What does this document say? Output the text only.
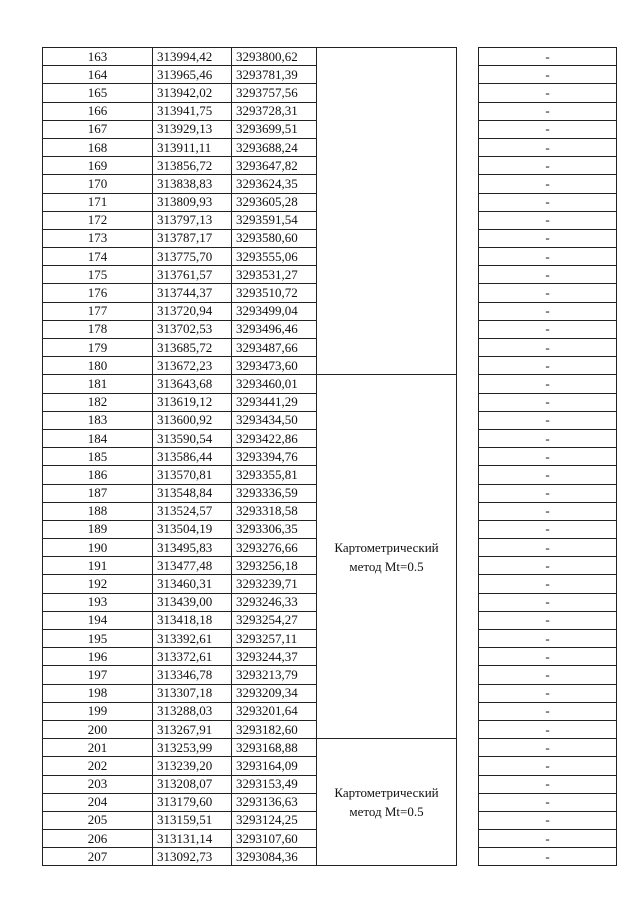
163	313994,42	3293800,62			-
164	313965,46	3293781,39			-
165	313942,02	3293757,56			-
166	313941,75	3293728,31			-
167	313929,13	3293699,51			-
168	313911,11	3293688,24			-
169	313856,72	3293647,82			-
170	313838,83	3293624,35			-
171	313809,93	3293605,28			-
172	313797,13	3293591,54			-
173	313787,17	3293580,60			-
174	313775,70	3293555,06			-
175	313761,57	3293531,27			-
176	313744,37	3293510,72			-
177	313720,94	3293499,04			-
178	313702,53	3293496,46			-
179	313685,72	3293487,66			-
180	313672,23	3293473,60			-
181	313643,68	3293460,01	Картометрический метод Mt=0.5		-
182	313619,12	3293441,29			-
183	313600,92	3293434,50			-
184	313590,54	3293422,86			-
185	313586,44	3293394,76			-
186	313570,81	3293355,81			-
187	313548,84	3293336,59			-
188	313524,57	3293318,58			-
189	313504,19	3293306,35			-
190	313495,83	3293276,66			-
191	313477,48	3293256,18			-
192	313460,31	3293239,71			-
193	313439,00	3293246,33			-
194	313418,18	3293254,27			-
195	313392,61	3293257,11			-
196	313372,61	3293244,37			-
197	313346,78	3293213,79			-
198	313307,18	3293209,34			-
199	313288,03	3293201,64			-
200	313267,91	3293182,60			-
201	313253,99	3293168,88	Картометрический метод Mt=0.5		-
202	313239,20	3293164,09			-
203	313208,07	3293153,49			-
204	313179,60	3293136,63			-
205	313159,51	3293124,25			-
206	313131,14	3293107,60			-
207	313092,73	3293084,36			-
